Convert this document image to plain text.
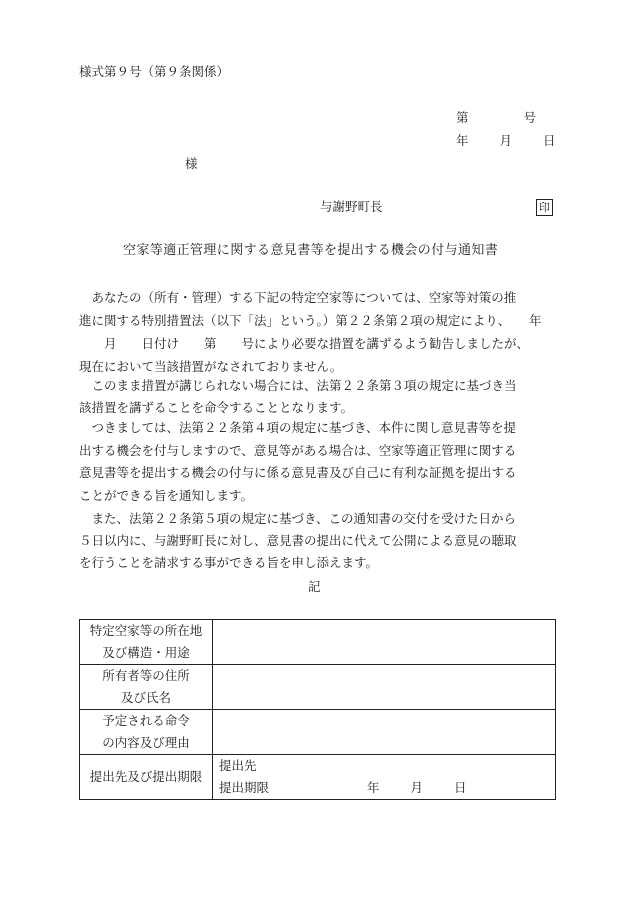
様式第９号（第９条関係）
第　　　　号
年　　月　　日
様
与謝野町長	印
空家等適正管理に関する意見書等を提出する機会の付与通知書
　あなたの（所有・管理）する下記の特定空家等については、空家等対策の推
進に関する特別措置法（以下「法」という。）第２２条第２項の規定により、　　年
　　月　　日付け　　第　　号により必要な措置を講ずるよう勧告しましたが、
現在において当該措置がなされておりません。
　このまま措置が講じられない場合には、法第２２条第３項の規定に基づき当
該措置を講ずることを命令することとなります。
　つきましては、法第２２条第４項の規定に基づき、本件に関し意見書等を提
出する機会を付与しますので、意見等がある場合は、空家等適正管理に関する
意見書等を提出する機会の付与に係る意見書及び自己に有利な証拠を提出する
ことができる旨を通知します。
　また、法第２２条第５項の規定に基づき、この通知書の交付を受けた日から
５日以内に、与謝野町長に対し、意見書の提出に代えて公開による意見の聴取
を行うことを請求する事ができる旨を申し添えます。
記
特定空家等の所在地
及び構造・用途	

所有者等の住所
及び氏名	

予定される命令
の内容及び理由	

提出先及び提出期限	提出先
提出期限 年　　月　　日
